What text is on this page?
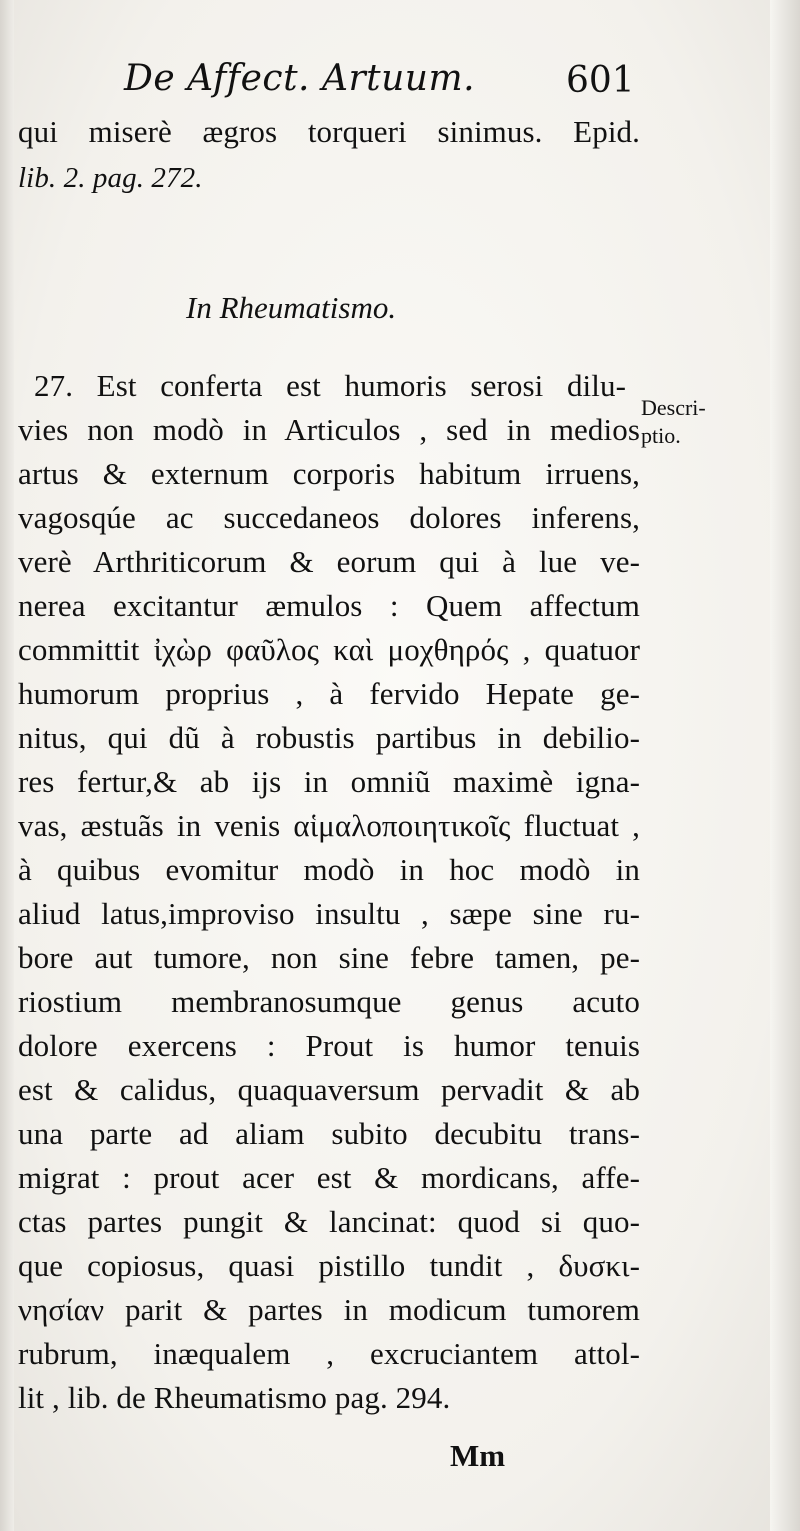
De Affect. Artuum.	601
qui miserè ægros torqueri sinimus. Epid.
lib. 2. pag. 272.
In Rheumatismo.
27. Est conferta est humoris serosi dilu-
vies non modò in Articulos , sed in medios
artus & externum corporis habitum irruens,
vagosqúe ac succedaneos dolores inferens,
verè Arthriticorum & eorum qui à lue ve-
nerea excitantur æmulos : Quem affectum
committit ἰχὼρ φαῦλος καὶ μοχθηρός , quatuor
humorum proprius , à fervido Hepate ge-
nitus, qui dũ à robustis partibus in debilio-
res fertur,& ab ijs in omniũ maximè igna-
vas, æstuãs in venis αἱμαλοποιητικοῖς fluctuat ,
à quibus evomitur modò in hoc modò in
aliud latus,improviso insultu , sæpe sine ru-
bore aut tumore, non sine febre tamen, pe-
riostium membranosumque genus acuto
dolore exercens : Prout is humor tenuis
est & calidus, quaquaversum pervadit & ab
una parte ad aliam subito decubitu trans-
migrat : prout acer est & mordicans, affe-
ctas partes pungit & lancinat: quod si quo-
que copiosus, quasi pistillo tundit , δυσκι-
νησίαν parit & partes in modicum tumorem
rubrum, inæqualem , excruciantem attol-
lit , lib. de Rheumatismo pag. 294.
Descri-
ptio.
Mm
